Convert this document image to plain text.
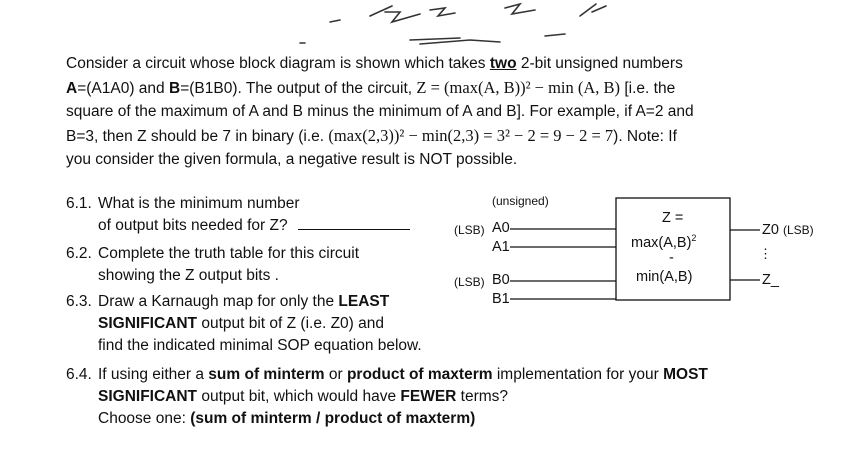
Consider a circuit whose block diagram is shown which takes two 2-bit unsigned numbers
A=(A1A0) and B=(B1B0). The output of the circuit, Z = (max(A, B))² − min (A, B) [i.e. the
square of the maximum of A and B minus the minimum of A and B]. For example, if A=2 and
B=3, then Z should be 7 in binary (i.e. (max(2,3))² − min(2,3) = 3² − 2 = 9 − 2 = 7). Note: If
you consider the given formula, a negative result is NOT possible.
6.1. What is the minimum number
of output bits needed for Z?
6.2. Complete the truth table for this circuit
showing the Z output bits .
6.3. Draw a Karnaugh map for only the LEAST
SIGNIFICANT output bit of Z (i.e. Z0) and
find the indicated minimal SOP equation below.
6.4. If using either a sum of minterm or product of maxterm implementation for your MOST
SIGNIFICANT output bit, which would have FEWER terms?
Choose one: (sum of minterm / product of maxterm)
(unsigned)
(LSB) A0
A1
(LSB) B0
B1
Z =
$\max(A,B)^2$
-
min(A,B)
Z0 (LSB)
⋮
Z_
